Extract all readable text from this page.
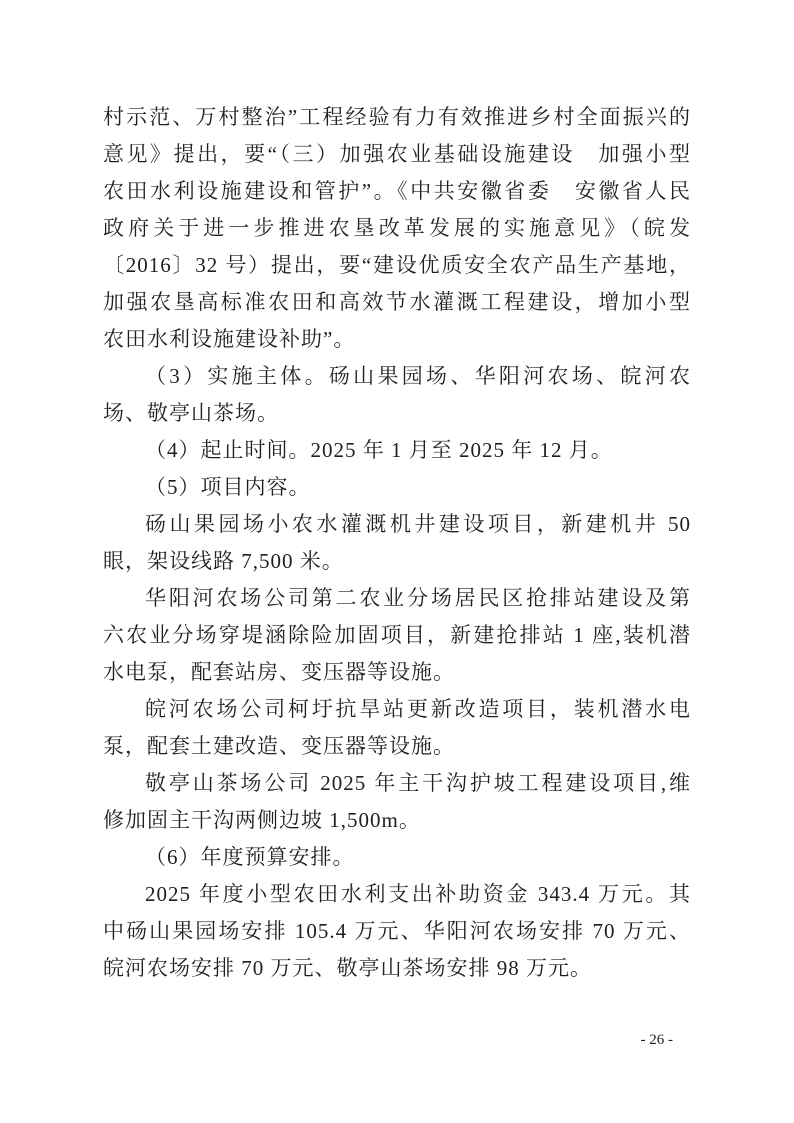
村示范、万村整治”工程经验有力有效推进乡村全面振兴的
意见》提出，要“（三）加强农业基础设施建设　加强小型
农田水利设施建设和管护”。《中共安徽省委　安徽省人民
政府关于进一步推进农垦改革发展的实施意见》（皖发
〔2016〕32 号）提出，要“建设优质安全农产品生产基地，
加强农垦高标准农田和高效节水灌溉工程建设，增加小型
农田水利设施建设补助”。
（3）实施主体。砀山果园场、华阳河农场、皖河农
场、敬亭山茶场。
（4）起止时间。2025 年 1 月至 2025 年 12 月。
（5）项目内容。
砀山果园场小农水灌溉机井建设项目，新建机井 50
眼，架设线路 7,500 米。
华阳河农场公司第二农业分场居民区抢排站建设及第
六农业分场穿堤涵除险加固项目，新建抢排站 1 座,装机潜
水电泵，配套站房、变压器等设施。
皖河农场公司柯圩抗旱站更新改造项目，装机潜水电
泵，配套土建改造、变压器等设施。
敬亭山茶场公司 2025 年主干沟护坡工程建设项目,维
修加固主干沟两侧边坡 1,500m。
（6）年度预算安排。
2025 年度小型农田水利支出补助资金 343.4 万元。其
中砀山果园场安排 105.4 万元、华阳河农场安排 70 万元、
皖河农场安排 70 万元、敬亭山茶场安排 98 万元。
- 26 -
